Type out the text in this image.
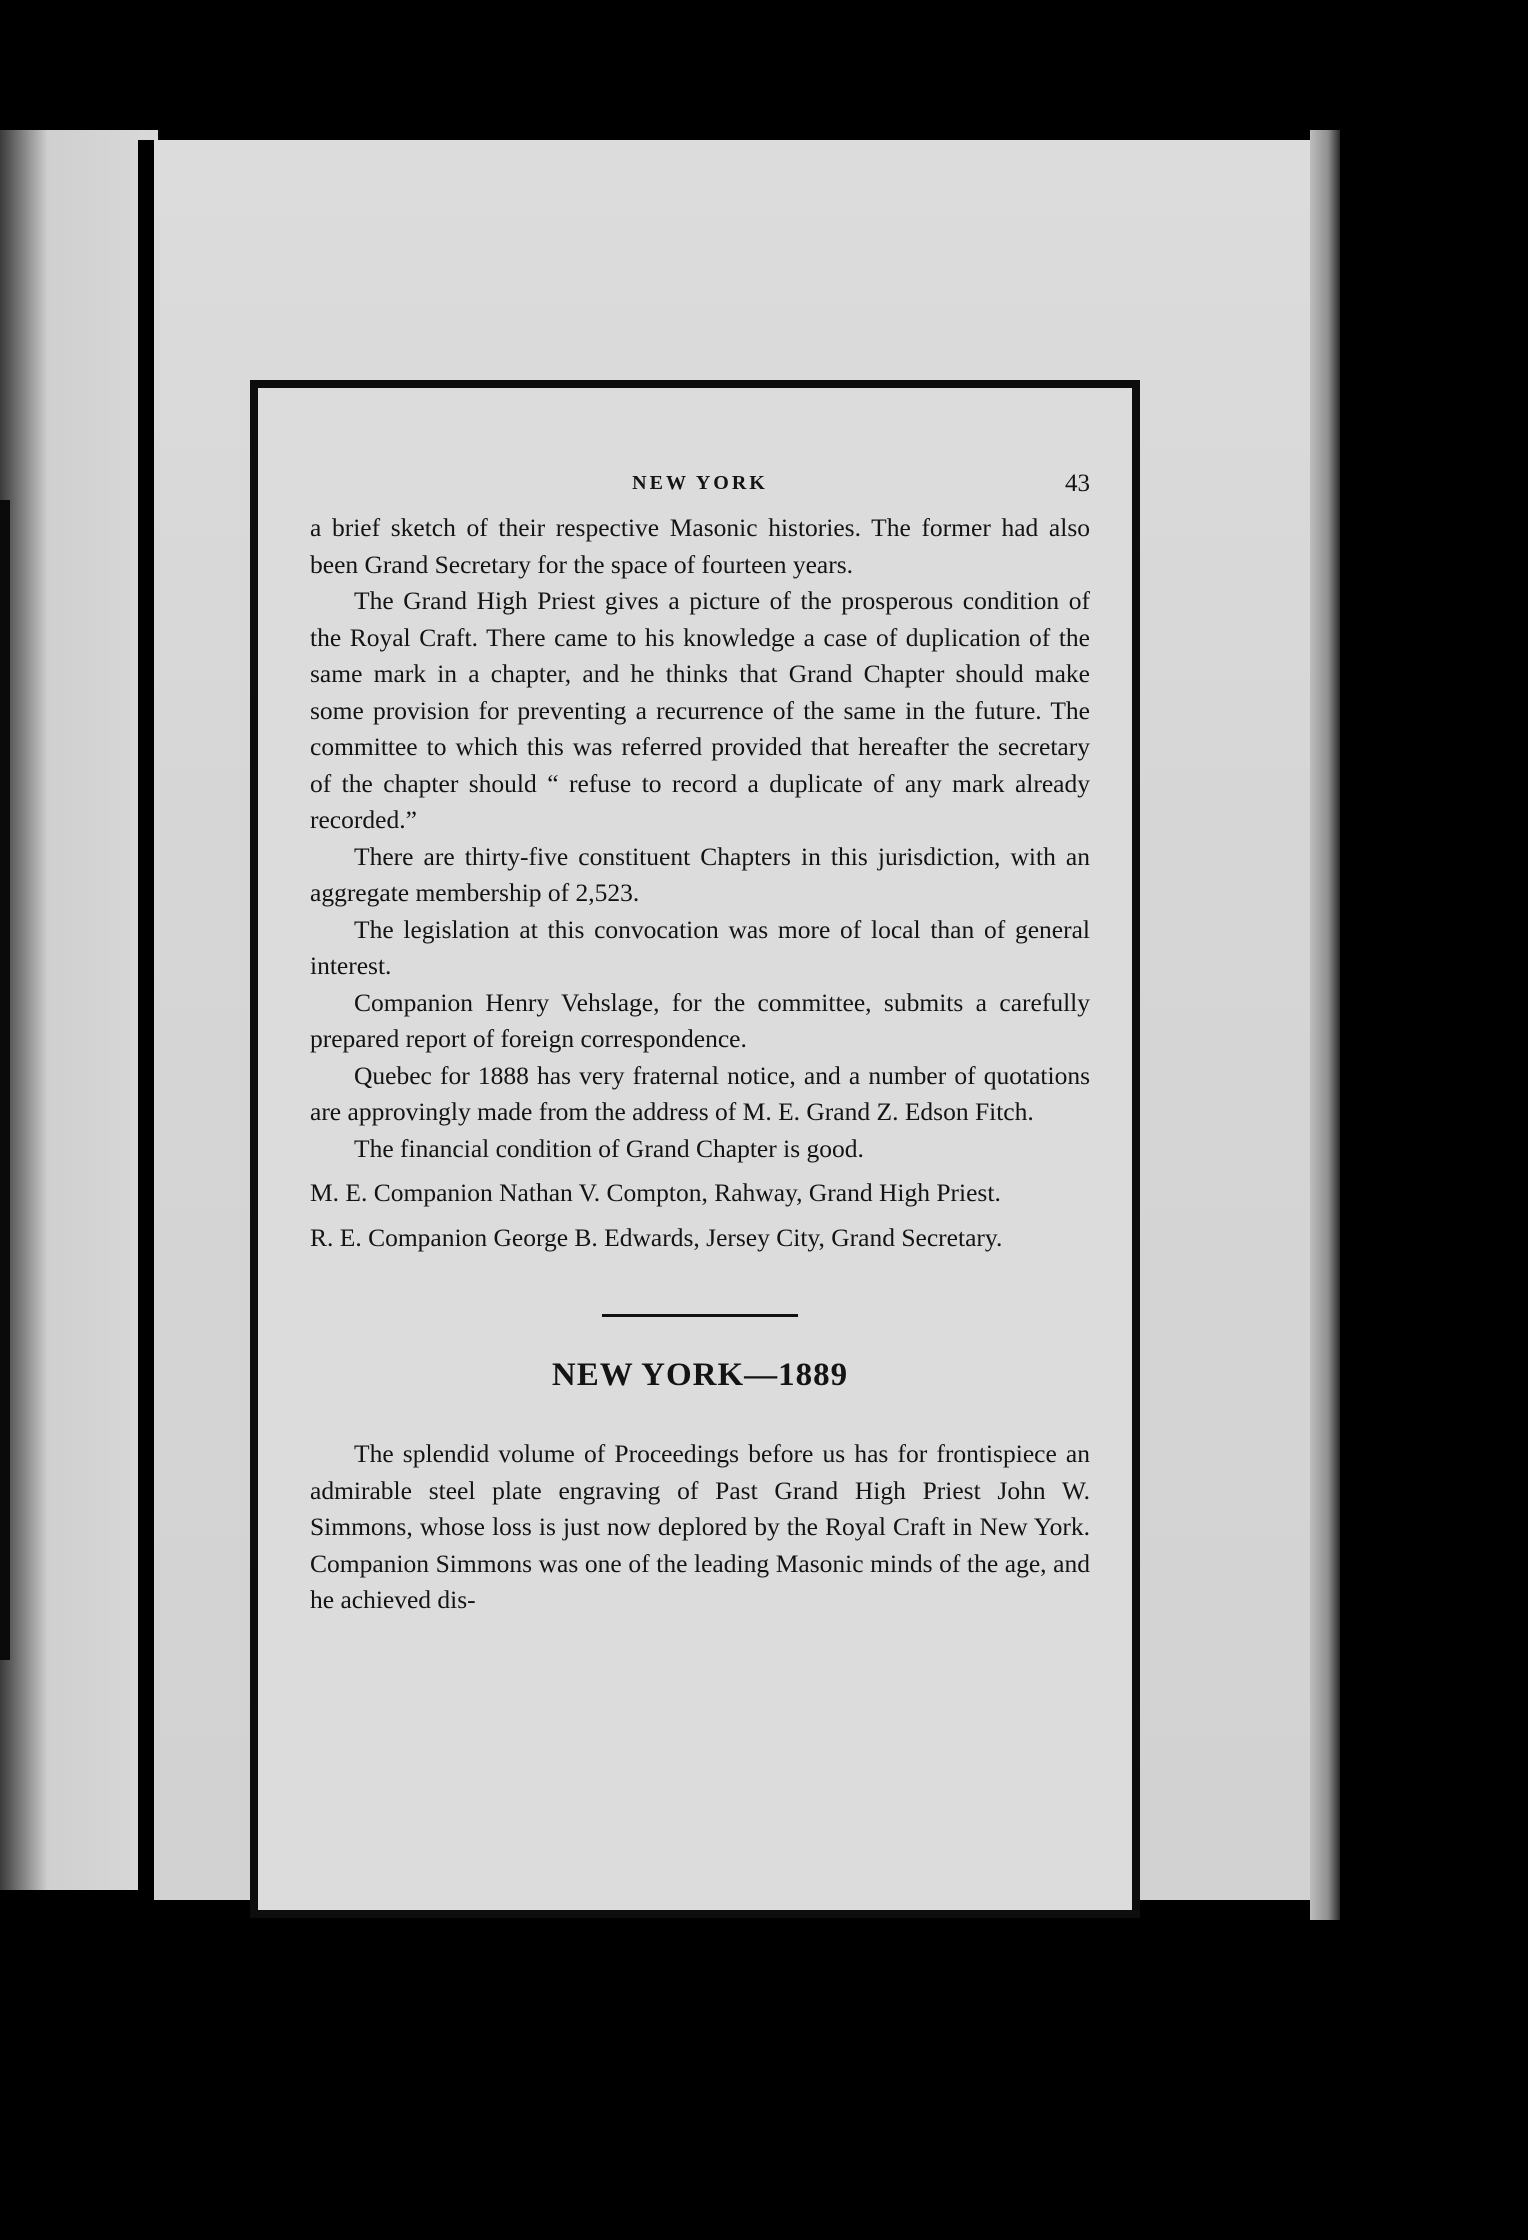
NEW YORK	43

a brief sketch of their respective Masonic histories. The former had also been Grand Secretary for the space of fourteen years.

The Grand High Priest gives a picture of the prosperous condition of the Royal Craft. There came to his knowledge a case of duplication of the same mark in a chapter, and he thinks that Grand Chapter should make some provision for preventing a recurrence of the same in the future. The committee to which this was referred provided that hereafter the secretary of the chapter should “ refuse to record a duplicate of any mark already recorded.”

There are thirty-five constituent Chapters in this jurisdiction, with an aggregate membership of 2,523.

The legislation at this convocation was more of local than of general interest.

Companion Henry Vehslage, for the committee, submits a carefully prepared report of foreign correspondence.

Quebec for 1888 has very fraternal notice, and a number of quotations are approvingly made from the address of M. E. Grand Z. Edson Fitch.

The financial condition of Grand Chapter is good.

M. E. Companion Nathan V. Compton, Rahway, Grand High Priest.

R. E. Companion George B. Edwards, Jersey City, Grand Secretary.

NEW YORK—1889

The splendid volume of Proceedings before us has for frontispiece an admirable steel plate engraving of Past Grand High Priest John W. Simmons, whose loss is just now deplored by the Royal Craft in New York. Companion Simmons was one of the leading Masonic minds of the age, and he achieved dis-
